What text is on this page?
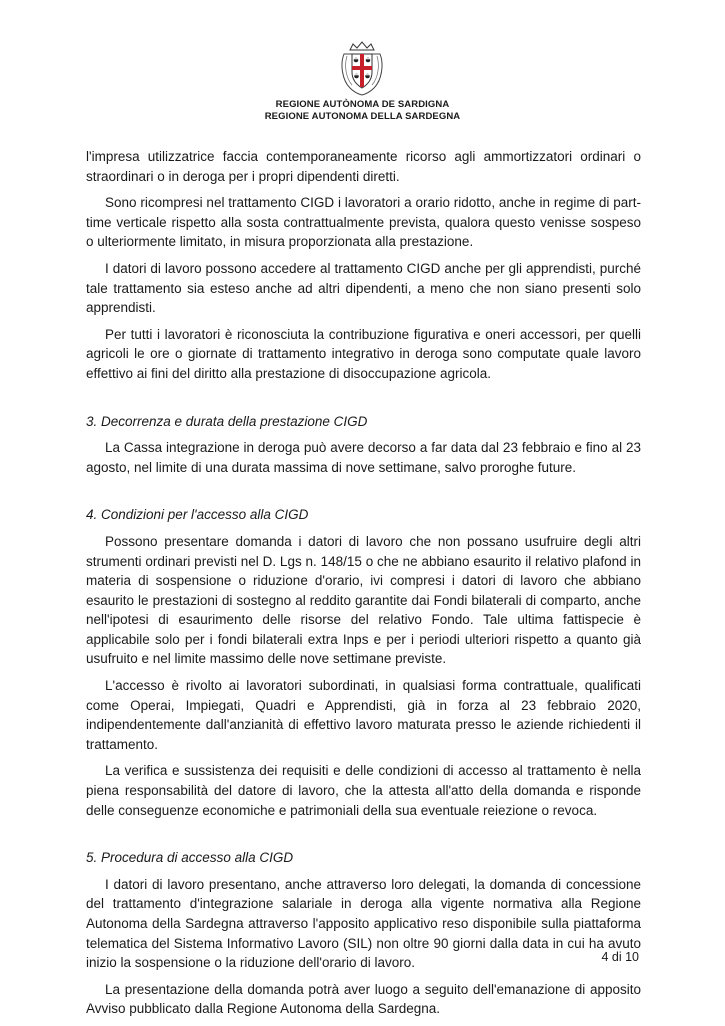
REGIONE AUTÒNOMA DE SARDIGNA
REGIONE AUTONOMA DELLA SARDEGNA

l'impresa utilizzatrice faccia contemporaneamente ricorso agli ammortizzatori ordinari o straordinari o in deroga per i propri dipendenti diretti.

Sono ricompresi nel trattamento CIGD i lavoratori a orario ridotto, anche in regime di part-time verticale rispetto alla sosta contrattualmente prevista, qualora questo venisse sospeso o ulteriormente limitato, in misura proporzionata alla prestazione.

I datori di lavoro possono accedere al trattamento CIGD anche per gli apprendisti, purché tale trattamento sia esteso anche ad altri dipendenti, a meno che non siano presenti solo apprendisti.

Per tutti i lavoratori è riconosciuta la contribuzione figurativa e oneri accessori, per quelli agricoli le ore o giornate di trattamento integrativo in deroga sono computate quale lavoro effettivo ai fini del diritto alla prestazione di disoccupazione agricola.

3. Decorrenza e durata della prestazione CIGD

La Cassa integrazione in deroga può avere decorso a far data dal 23 febbraio e fino al 23 agosto, nel limite di una durata massima di nove settimane, salvo proroghe future.

4. Condizioni per l'accesso alla CIGD

Possono presentare domanda i datori di lavoro che non possano usufruire degli altri strumenti ordinari previsti nel D. Lgs n. 148/15 o che ne abbiano esaurito il relativo plafond in materia di sospensione o riduzione d'orario, ivi compresi i datori di lavoro che abbiano esaurito le prestazioni di sostegno al reddito garantite dai Fondi bilaterali di comparto, anche nell'ipotesi di esaurimento delle risorse del relativo Fondo. Tale ultima fattispecie è applicabile solo per i fondi bilaterali extra Inps e per i periodi ulteriori rispetto a quanto già usufruito e nel limite massimo delle nove settimane previste.

L'accesso è rivolto ai lavoratori subordinati, in qualsiasi forma contrattuale, qualificati come Operai, Impiegati, Quadri e Apprendisti, già in forza al 23 febbraio 2020, indipendentemente dall'anzianità di effettivo lavoro maturata presso le aziende richiedenti il trattamento.

La verifica e sussistenza dei requisiti e delle condizioni di accesso al trattamento è nella piena responsabilità del datore di lavoro, che la attesta all'atto della domanda e risponde delle conseguenze economiche e patrimoniali della sua eventuale reiezione o revoca.

5. Procedura di accesso alla CIGD

I datori di lavoro presentano, anche attraverso loro delegati, la domanda di concessione del trattamento d'integrazione salariale in deroga alla vigente normativa alla Regione Autonoma della Sardegna attraverso l'apposito applicativo reso disponibile sulla piattaforma telematica del Sistema Informativo Lavoro (SIL) non oltre 90 giorni dalla data in cui ha avuto inizio la sospensione o la riduzione dell'orario di lavoro.

La presentazione della domanda potrà aver luogo a seguito dell'emanazione di apposito Avviso pubblicato dalla Regione Autonoma della Sardegna.

4 di 10
